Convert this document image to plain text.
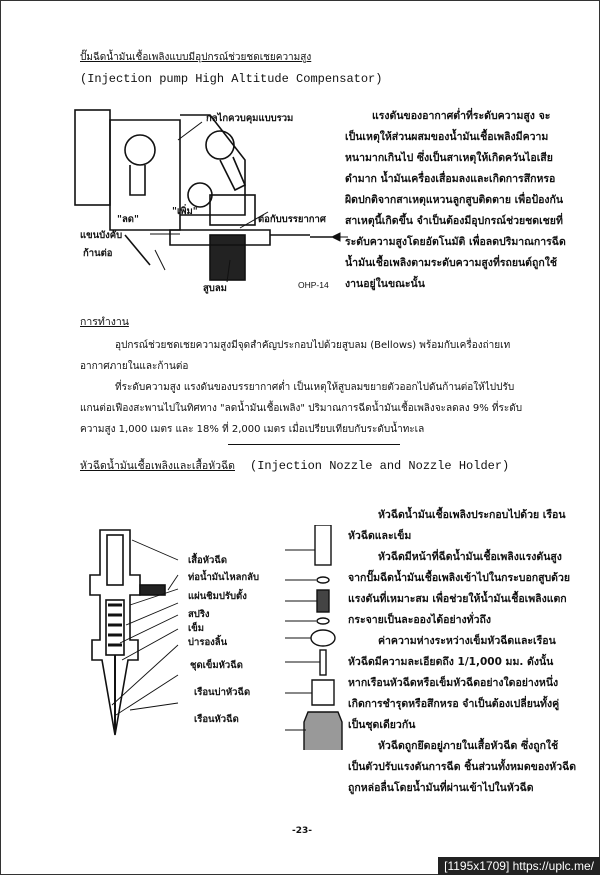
ปั๊มฉีดน้ำมันเชื้อเพลิงแบบมีอุปกรณ์ช่วยชดเชยความสูง
(Injection pump High Altitude Compensator)
กลไกควบคุมแบบรวม
"เพิ่ม"
"ลด"	ต่อกับบรรยากาศ
แขนบังคับ
ก้านต่อ
สูบลม	OHP-14
แรงดันของอากาศต่ำที่ระดับความสูง จะ
เป็นเหตุให้ส่วนผสมของน้ำมันเชื้อเพลิงมีความ
หนามากเกินไป ซึ่งเป็นสาเหตุให้เกิดควันไอเสีย
ดำมาก น้ำมันเครื่องเสื่อมลงและเกิดการสึกหรอ
ผิดปกติจากสาเหตุแหวนลูกสูบติดตาย เพื่อป้องกัน
สาเหตุนี้เกิดขึ้น จำเป็นต้องมีอุปกรณ์ช่วยชดเชยที่
ระดับความสูงโดยอัตโนมัติ เพื่อลดปริมาณการฉีด
น้ำมันเชื้อเพลิงตามระดับความสูงที่รถยนต์ถูกใช้
งานอยู่ในขณะนั้น
การทำงาน
อุปกรณ์ช่วยชดเชยความสูงมีจุดสำคัญประกอบไปด้วยสูบลม (Bellows) พร้อมกับเครื่องถ่ายเท
อากาศภายในและก้านต่อ
ที่ระดับความสูง แรงดันของบรรยากาศต่ำ เป็นเหตุให้สูบลมขยายตัวออกไปดันก้านต่อให้ไปปรับ
แกนต่อเฟืองสะพานไปในทิศทาง "ลดน้ำมันเชื้อเพลิง" ปริมาณการฉีดน้ำมันเชื้อเพลิงจะลดลง 9% ที่ระดับ
ความสูง 1,000 เมตร และ 18% ที่ 2,000 เมตร เมื่อเปรียบเทียบกับระดับน้ำทะเล
หัวฉีดน้ำมันเชื้อเพลิงและเสื้อหัวฉีด (Injection Nozzle and Nozzle Holder)
เสื้อหัวฉีด
ท่อน้ำมันไหลกลับ
แผ่นชิมปรับตั้ง
สปริง
เข็ม
บ่ารองลิ้น
ชุดเข็มหัวฉีด
เรือนบ่าหัวฉีด
เรือนหัวฉีด
หัวฉีดน้ำมันเชื้อเพลิงประกอบไปด้วย เรือน
หัวฉีดและเข็ม
หัวฉีดมีหน้าที่ฉีดน้ำมันเชื้อเพลิงแรงดันสูง
จากปั๊มฉีดน้ำมันเชื้อเพลิงเข้าไปในกระบอกสูบด้วย
แรงดันที่เหมาะสม เพื่อช่วยให้น้ำมันเชื้อเพลิงแตก
กระจายเป็นละอองได้อย่างทั่วถึง
ค่าความห่างระหว่างเข็มหัวฉีดและเรือน
หัวฉีดมีความละเอียดถึง 1/1,000 มม. ดังนั้น
หากเรือนหัวฉีดหรือเข็มหัวฉีดอย่างใดอย่างหนึ่ง
เกิดการชำรุดหรือสึกหรอ จำเป็นต้องเปลี่ยนทั้งคู่
เป็นชุดเดียวกัน
หัวฉีดถูกยึดอยู่ภายในเสื้อหัวฉีด ซึ่งถูกใช้
เป็นตัวปรับแรงดันการฉีด ชิ้นส่วนทั้งหมดของหัวฉีด
ถูกหล่อลื่นโดยน้ำมันที่ผ่านเข้าไปในหัวฉีด
-23-
[1195x1709] https://uplc.me/
